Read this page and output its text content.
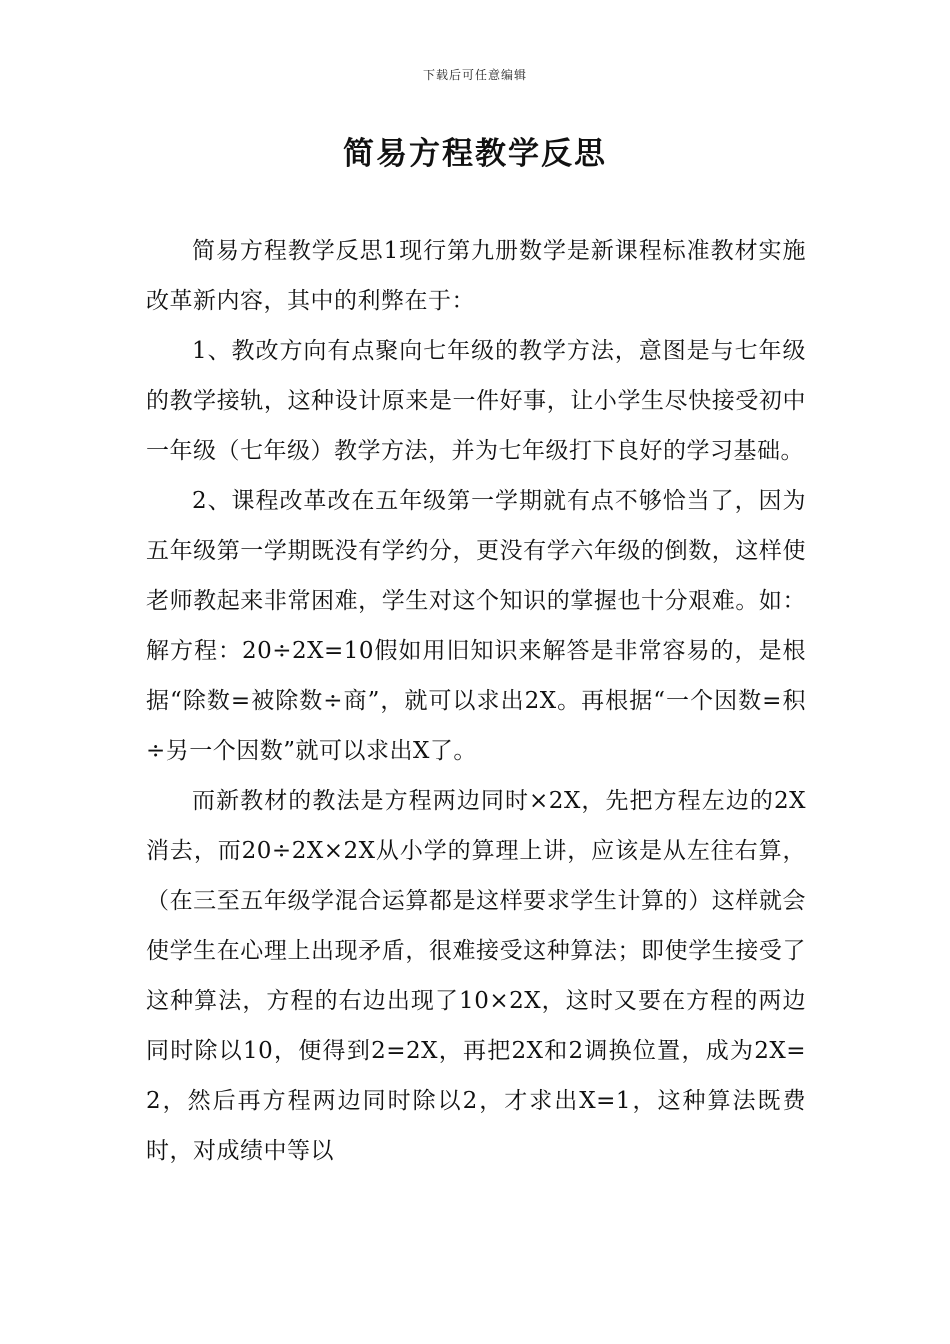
下载后可任意编辑
简易方程教学反思

简易方程教学反思1现行第九册数学是新课程标准教材实施改革新内容，其中的利弊在于：

1、教改方向有点聚向七年级的教学方法，意图是与七年级的教学接轨，这种设计原来是一件好事，让小学生尽快接受初中一年级（七年级）教学方法，并为七年级打下良好的学习基础。

2、课程改革改在五年级第一学期就有点不够恰当了，因为五年级第一学期既没有学约分，更没有学六年级的倒数，这样使老师教起来非常困难，学生对这个知识的掌握也十分艰难。如：解方程：20÷2X=10假如用旧知识来解答是非常容易的，是根据“除数=被除数÷商”，就可以求出2X。再根据“一个因数=积÷另一个因数”就可以求出X了。

而新教材的教法是方程两边同时×2X，先把方程左边的2X消去，而20÷2X×2X从小学的算理上讲，应该是从左往右算，（在三至五年级学混合运算都是这样要求学生计算的）这样就会使学生在心理上出现矛盾，很难接受这种算法；即使学生接受了这种算法，方程的右边出现了10×2X，这时又要在方程的两边同时除以10，便得到2=2X，再把2X和2调换位置，成为2X=2，然后再方程两边同时除以2，才求出X=1，这种算法既费时，对成绩中等以
